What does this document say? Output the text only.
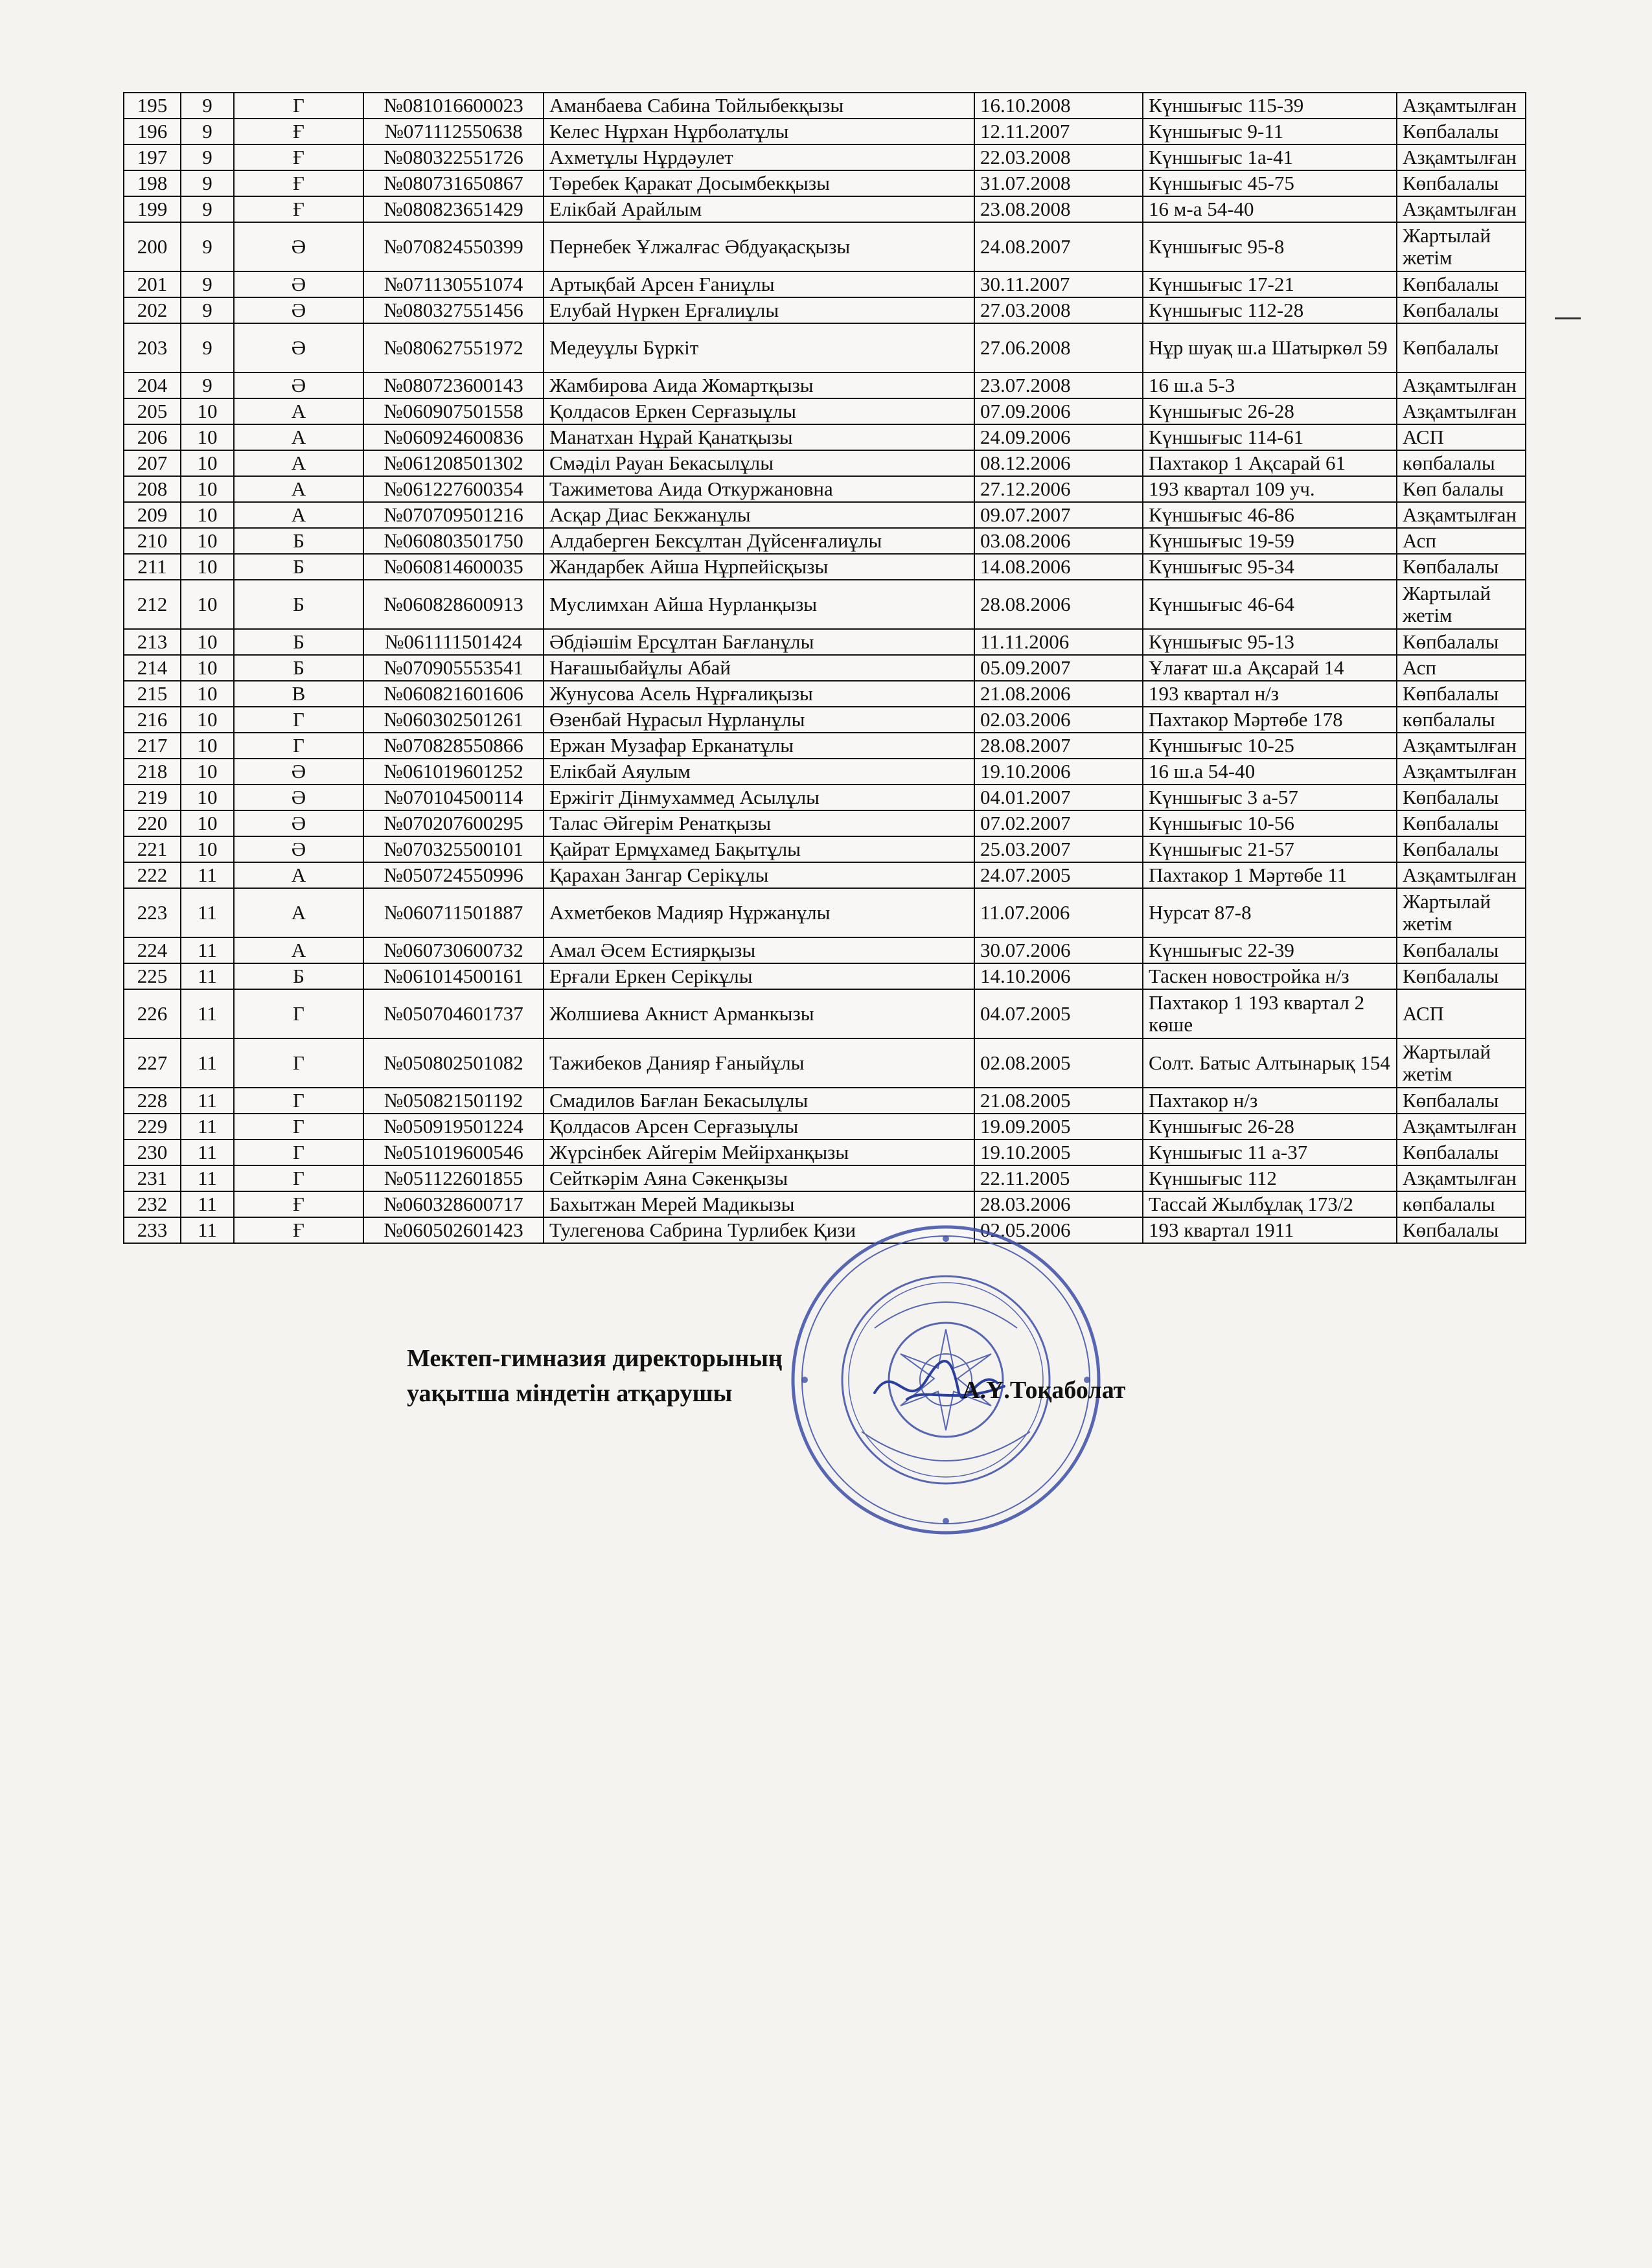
195	9	Г	№081016600023	Аманбаева Сабина Тойлыбекқызы	16.10.2008	Күншығыс 115-39	Азқамтылған
196	9	Ғ	№071112550638	Келес Нұрхан Нұрболатұлы	12.11.2007	Күншығыс 9-11	Көпбалалы
197	9	Ғ	№080322551726	Ахметұлы Нұрдәулет	22.03.2008	Күншығыс 1а-41	Азқамтылған
198	9	Ғ	№080731650867	Төребек Қаракат Досымбекқызы	31.07.2008	Күншығыс 45-75	Көпбалалы
199	9	Ғ	№080823651429	Елікбай Арайлым	23.08.2008	16 м-а 54-40	Азқамтылған
200	9	Ә	№070824550399	Пернебек Ұлжалғас Әбдуақасқызы	24.08.2007	Күншығыс 95-8	Жартылай жетім
201	9	Ә	№071130551074	Артықбай Арсен Ғаниұлы	30.11.2007	Күншығыс 17-21	Көпбалалы
202	9	Ә	№080327551456	Елубай Нүркен Ерғалиұлы	27.03.2008	Күншығыс 112-28	Көпбалалы
203	9	Ә	№080627551972	Медеуұлы Бүркіт	27.06.2008	Нұр шуақ ш.а Шатыркөл 59	Көпбалалы
204	9	Ә	№080723600143	Жамбирова Аида Жомартқызы	23.07.2008	16 ш.а 5-3	Азқамтылған
205	10	А	№060907501558	Қолдасов Еркен Серғазыұлы	07.09.2006	Күншығыс 26-28	Азқамтылған
206	10	А	№060924600836	Манатхан Нұрай Қанатқызы	24.09.2006	Күншығыс 114-61	АСП
207	10	А	№061208501302	Смәділ Рауан Бекасылұлы	08.12.2006	Пахтакор 1 Ақсарай 61	көпбалалы
208	10	А	№061227600354	Тажиметова Аида Откуржановна	27.12.2006	193 квартал 109 уч.	Көп балалы
209	10	А	№070709501216	Асқар Диас Бекжанұлы	09.07.2007	Күншығыс 46-86	Азқамтылған
210	10	Б	№060803501750	Алдаберген Бексұлтан Дүйсенғалиұлы	03.08.2006	Күншығыс 19-59	Асп
211	10	Б	№060814600035	Жандарбек Айша Нұрпейісқызы	14.08.2006	Күншығыс 95-34	Көпбалалы
212	10	Б	№060828600913	Муслимхан Айша Нурланқызы	28.08.2006	Күншығыс 46-64	Жартылай жетім
213	10	Б	№061111501424	Әбдіәшім Ерсұлтан Бағланұлы	11.11.2006	Күншығыс 95-13	Көпбалалы
214	10	Б	№070905553541	Нағашыбайұлы Абай	05.09.2007	Ұлағат ш.а Ақсарай 14	Асп
215	10	В	№060821601606	Жунусова Асель Нұрғалиқызы	21.08.2006	193 квартал н/з	Көпбалалы
216	10	Г	№060302501261	Өзенбай Нұрасыл Нұрланұлы	02.03.2006	Пахтакор Мәртөбе 178	көпбалалы
217	10	Г	№070828550866	Ержан Музафар Ерканатұлы	28.08.2007	Күншығыс 10-25	Азқамтылған
218	10	Ә	№061019601252	Елікбай Аяулым	19.10.2006	16 ш.а 54-40	Азқамтылған
219	10	Ә	№070104500114	Ержігіт Дінмухаммед Асылұлы	04.01.2007	Күншығыс 3 а-57	Көпбалалы
220	10	Ә	№070207600295	Талас Әйгерім Ренатқызы	07.02.2007	Күншығыс 10-56	Көпбалалы
221	10	Ә	№070325500101	Қайрат Ермұхамед Бақытұлы	25.03.2007	Күншығыс 21-57	Көпбалалы
222	11	А	№050724550996	Қарахан Зангар Серікұлы	24.07.2005	Пахтакор 1 Мәртөбе 11	Азқамтылған
223	11	А	№060711501887	Ахметбеков Мадияр Нұржанұлы	11.07.2006	Нурсат 87-8	Жартылай жетім
224	11	А	№060730600732	Амал Әсем Естиярқызы	30.07.2006	Күншығыс 22-39	Көпбалалы
225	11	Б	№061014500161	Ерғали Еркен Серікұлы	14.10.2006	Таскен новостройка н/з	Көпбалалы
226	11	Г	№050704601737	Жолшиева Акнист Арманкызы	04.07.2005	Пахтакор 1 193 квартал 2 көше	АСП
227	11	Г	№050802501082	Тажибеков Данияр Ғаныйұлы	02.08.2005	Солт. Батыс Алтынарық 154	Жартылай жетім
228	11	Г	№050821501192	Смадилов Бағлан Бекасылұлы	21.08.2005	Пахтакор н/з	Көпбалалы
229	11	Г	№050919501224	Қолдасов Арсен Серғазыұлы	19.09.2005	Күншығыс 26-28	Азқамтылған
230	11	Г	№051019600546	Жүрсінбек Айгерім Мейірханқызы	19.10.2005	Күншығыс 11 а-37	Көпбалалы
231	11	Г	№051122601855	Сейткәрім Аяна Сәкенқызы	22.11.2005	Күншығыс 112	Азқамтылған
232	11	Ғ	№060328600717	Бахытжан Мерей Мадикызы	28.03.2006	Тассай Жылбұлақ 173/2	көпбалалы
233	11	Ғ	№060502601423	Тулегенова Сабрина Турлибек Қизи	02.05.2006	193 квартал 1911	Көпбалалы
Мектеп-гимназия директорының
уақытша міндетін атқарушы	А.Ү.Тоқаболат
